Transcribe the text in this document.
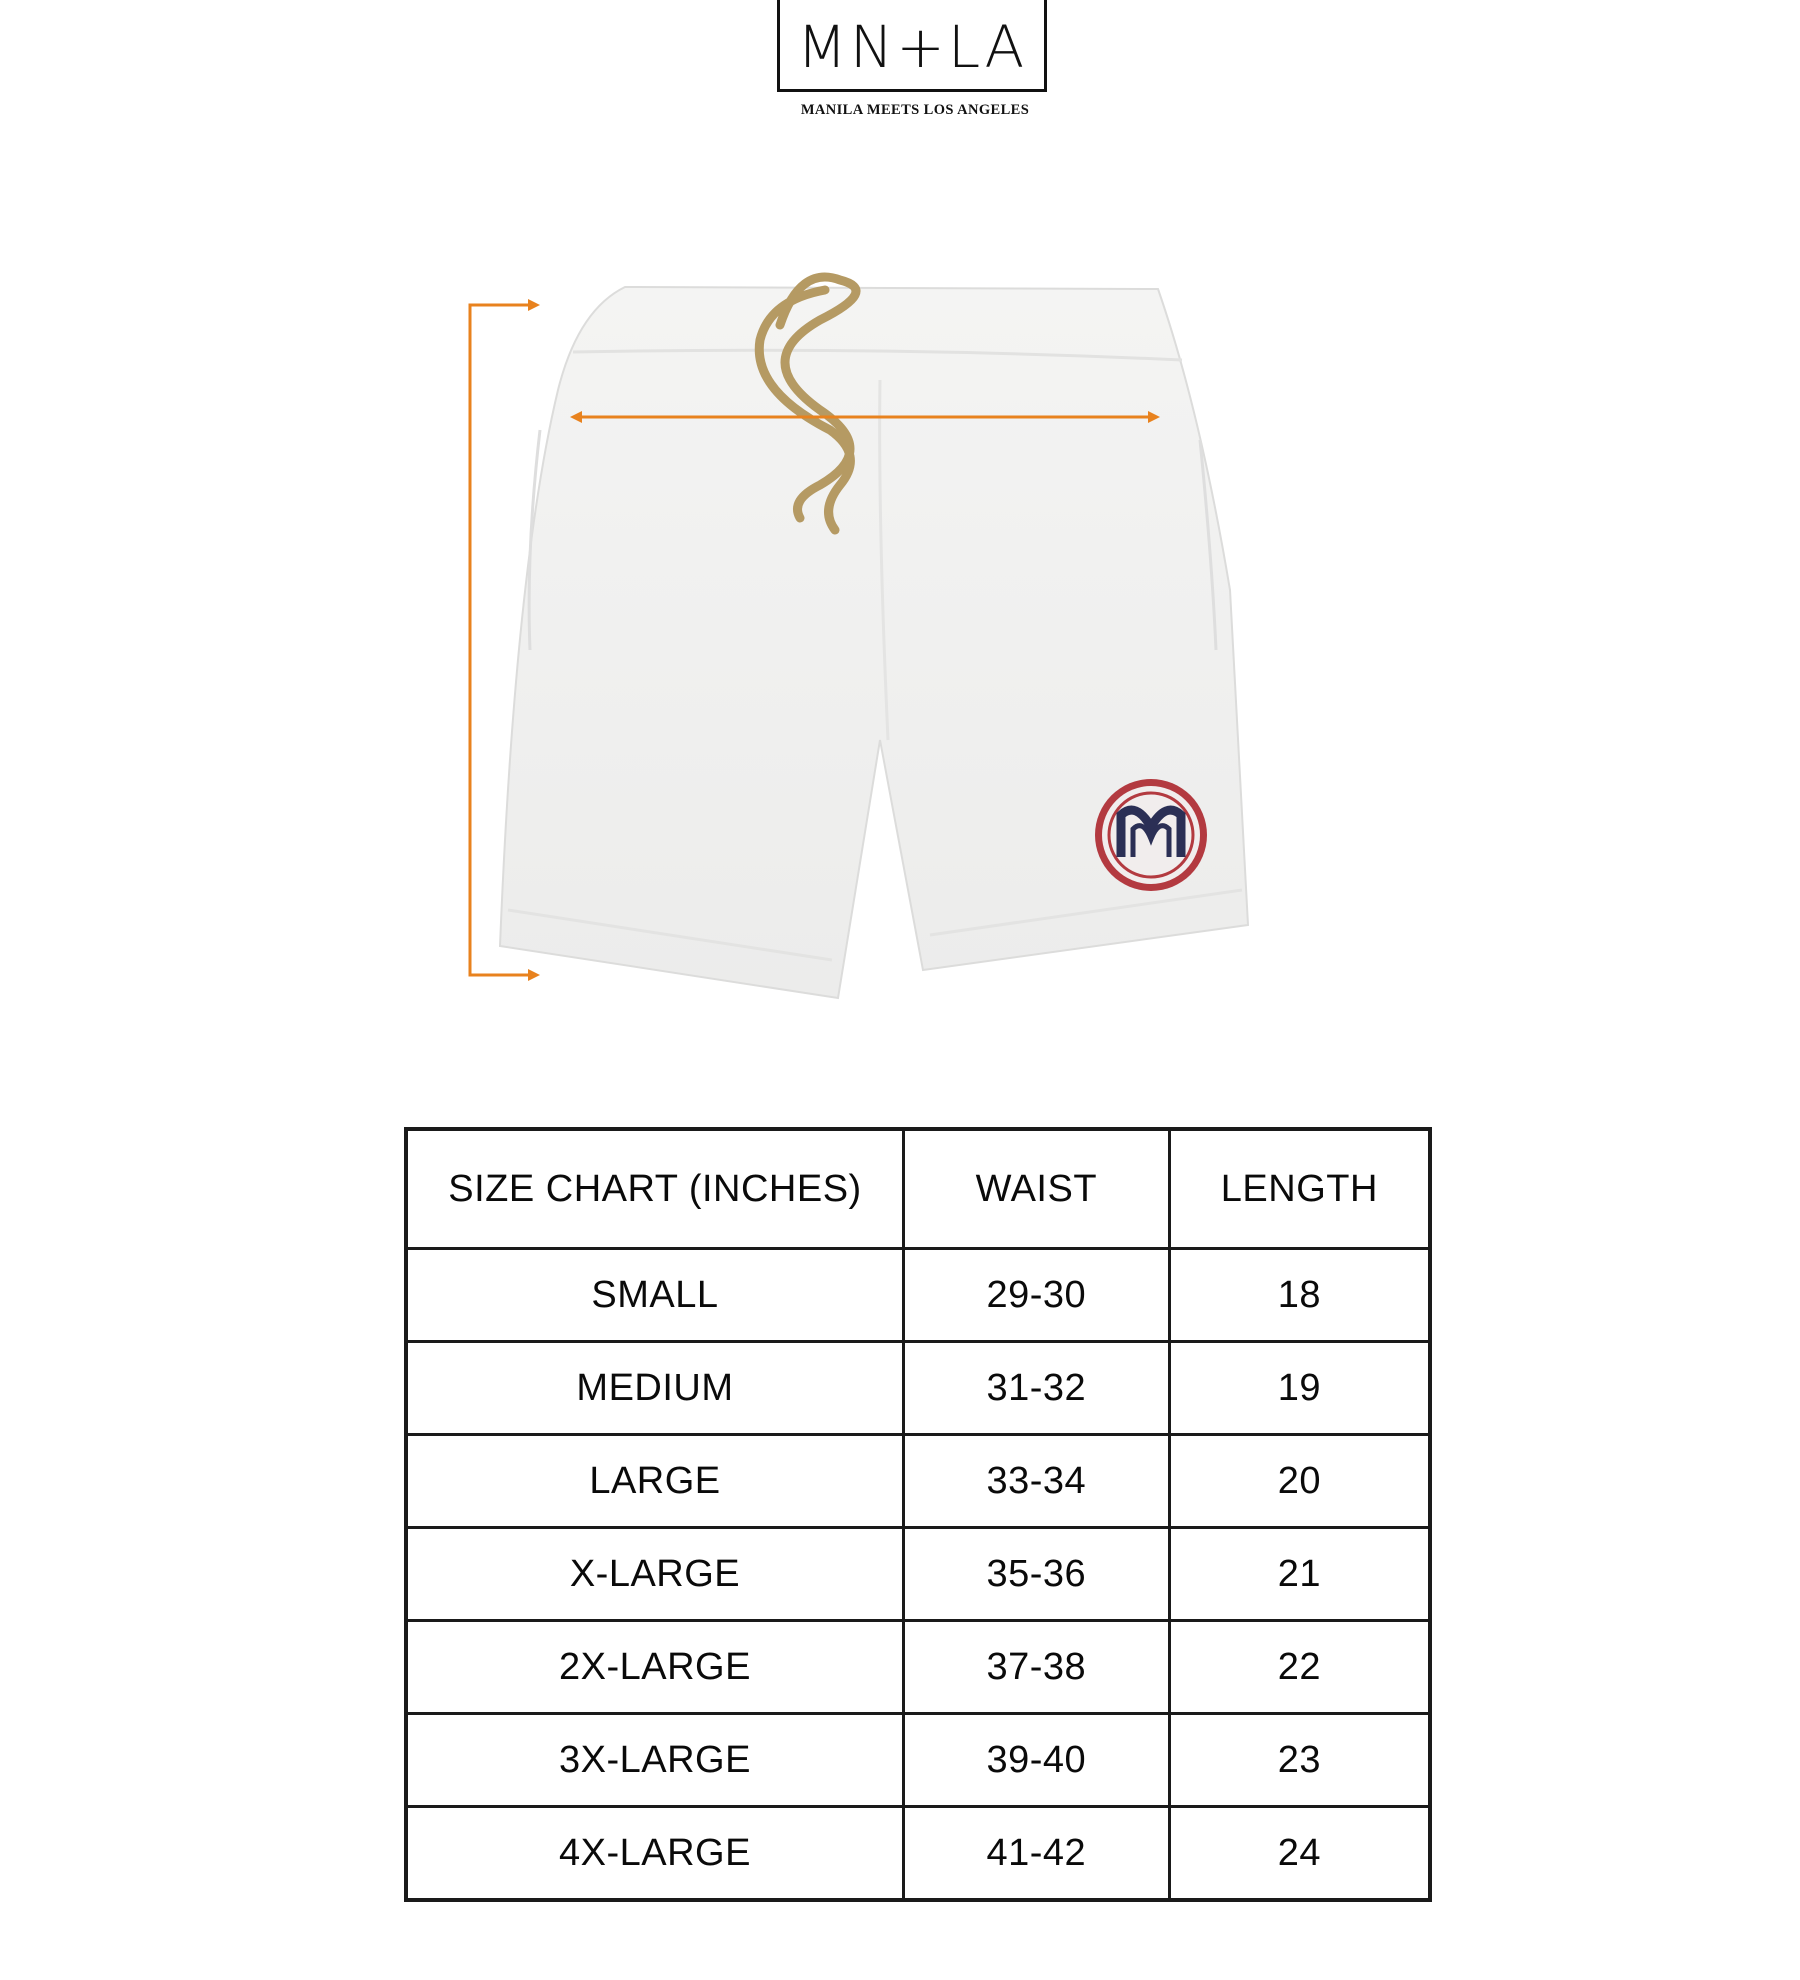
MN+LA
MANILA MEETS LOS ANGELES
SIZE CHART (INCHES)	WAIST	LENGTH
SMALL	29-30	18
MEDIUM	31-32	19
LARGE	33-34	20
X-LARGE	35-36	21
2X-LARGE	37-38	22
3X-LARGE	39-40	23
4X-LARGE	41-42	24
